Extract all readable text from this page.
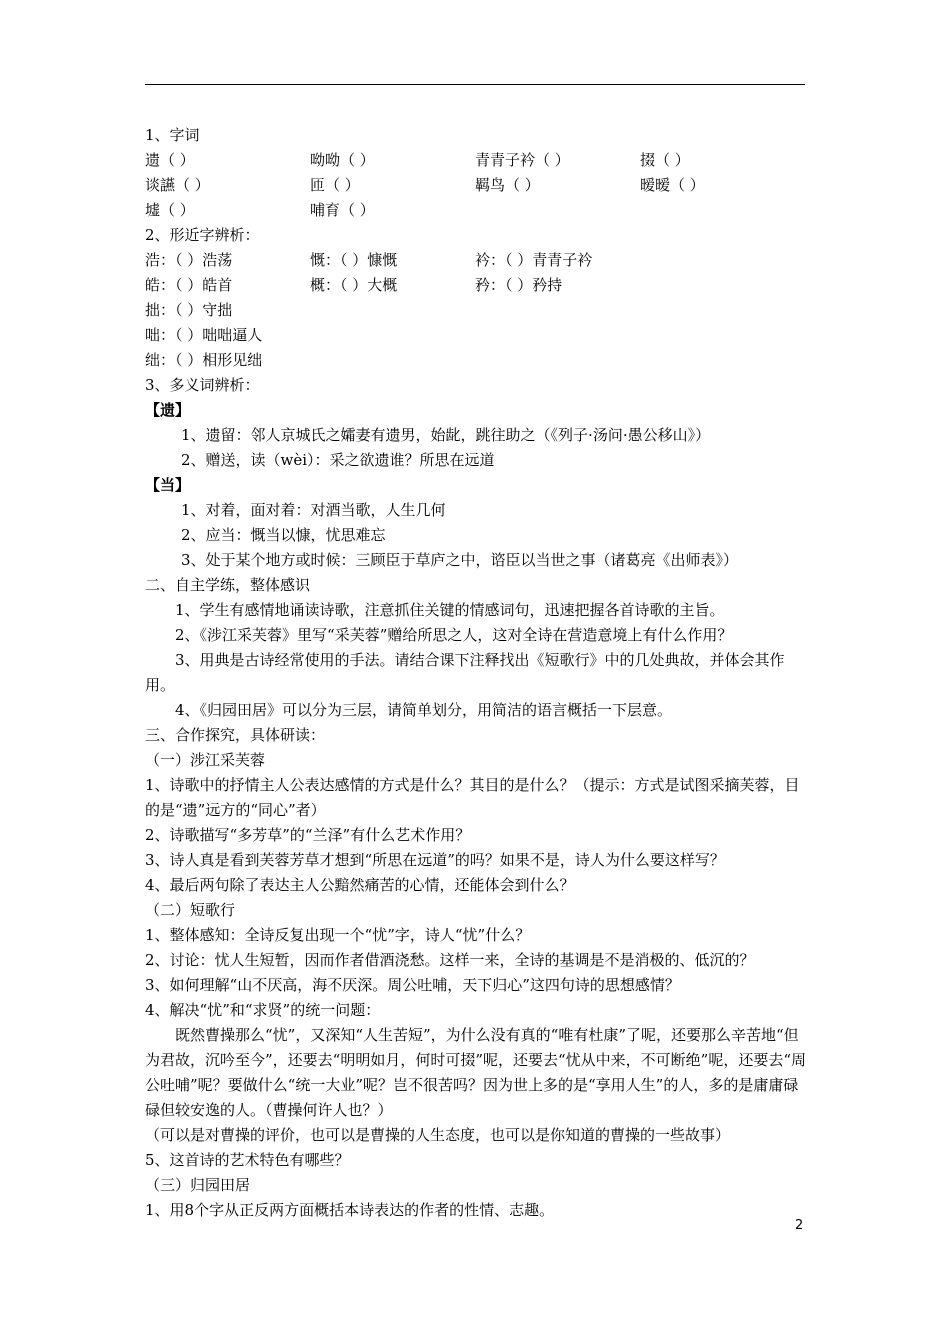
1、字词
遗（ ）	呦呦（ ）	青青子衿（ ）	掇（ ）
谈讌（ ）	匝（ ）	羁鸟（ ）	暧暧（ ）
墟（ ）	哺育（ ）
2、形近字辨析：
浩：（ ）浩荡	慨：（ ）慷慨	衿：（ ）青青子衿
皓：（ ）皓首	概：（ ）大概	矜：（ ）矜持
拙：（ ）守拙
咄：（ ）咄咄逼人
绌：（ ）相形见绌
3、多义词辨析：
【遗】
1、遗留：邻人京城氏之孀妻有遗男，始龀，跳往助之（《列子·汤问·愚公移山》）
2、赠送，读（wèi）：采之欲遗谁？所思在远道
【当】
1、对着，面对着：对酒当歌，人生几何
2、应当：慨当以慷，忧思难忘
3、处于某个地方或时候：三顾臣于草庐之中，谘臣以当世之事（诸葛亮《出师表》）
二、自主学练，整体感识
1、学生有感情地诵读诗歌，注意抓住关键的情感词句，迅速把握各首诗歌的主旨。
2、《涉江采芙蓉》里写“采芙蓉”赠给所思之人，这对全诗在营造意境上有什么作用？
3、用典是古诗经常使用的手法。请结合课下注释找出《短歌行》中的几处典故，并体会其作用。
4、《归园田居》可以分为三层，请简单划分，用简洁的语言概括一下层意。
三、合作探究，具体研读：
（一）涉江采芙蓉
1、诗歌中的抒情主人公表达感情的方式是什么？其目的是什么？（提示：方式是试图采摘芙蓉，目的是“遗”远方的“同心”者）
2、诗歌描写“多芳草”的“兰泽”有什么艺术作用？
3、诗人真是看到芙蓉芳草才想到“所思在远道”的吗？如果不是，诗人为什么要这样写？
4、最后两句除了表达主人公黯然痛苦的心情，还能体会到什么？
（二）短歌行
1、整体感知：全诗反复出现一个“忧”字，诗人“忧”什么？
2、讨论：忧人生短暂，因而作者借酒浇愁。这样一来，全诗的基调是不是消极的、低沉的？
3、如何理解“山不厌高，海不厌深。周公吐哺，天下归心”这四句诗的思想感情？
4、解决“忧”和“求贤”的统一问题：
既然曹操那么“忧”，又深知“人生苦短”，为什么没有真的“唯有杜康”了呢，还要那么辛苦地“但为君故，沉吟至今”，还要去“明明如月，何时可掇”呢，还要去“忧从中来，不可断绝”呢，还要去“周公吐哺”呢？要做什么“统一大业”呢？岂不很苦吗？因为世上多的是“享用人生”的人，多的是庸庸碌碌但较安逸的人。（曹操何许人也？）
（可以是对曹操的评价，也可以是曹操的人生态度，也可以是你知道的曹操的一些故事）
5、这首诗的艺术特色有哪些？
（三）归园田居
1、用8个字从正反两方面概括本诗表达的作者的性情、志趣。
2
